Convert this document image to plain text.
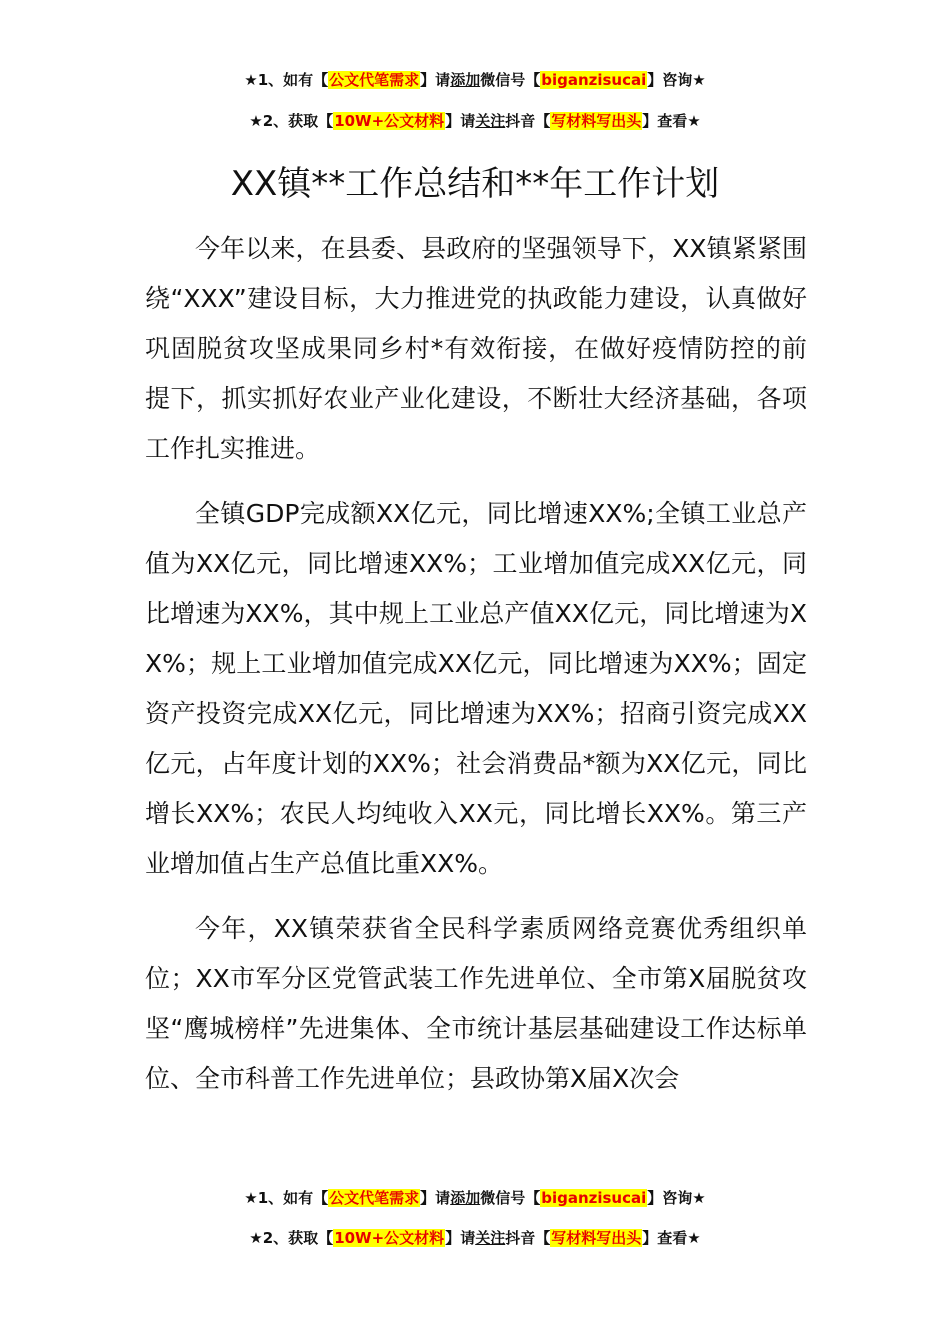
★1、如有【公文代笔需求】请添加微信号【biganzisucai】咨询★
★2、获取【10W+公文材料】请关注抖音【写材料写出头】查看★
XX镇**工作总结和**年工作计划

今年以来，在县委、县政府的坚强领导下，XX镇紧紧围绕“XXX”建设目标，大力推进党的执政能力建设，认真做好巩固脱贫攻坚成果同乡村*有效衔接，在做好疫情防控的前提下，抓实抓好农业产业化建设，不断壮大经济基础，各项工作扎实推进。

全镇GDP完成额XX亿元，同比增速XX%;全镇工业总产值为XX亿元，同比增速XX%；工业增加值完成XX亿元，同比增速为XX%，其中规上工业总产值XX亿元，同比增速为XX%；规上工业增加值完成XX亿元，同比增速为XX%；固定资产投资完成XX亿元，同比增速为XX%；招商引资完成XX亿元，占年度计划的XX%；社会消费品*额为XX亿元，同比增长XX%；农民人均纯收入XX元，同比增长XX%。第三产业增加值占生产总值比重XX%。

今年，XX镇荣获省全民科学素质网络竞赛优秀组织单位；XX市军分区党管武装工作先进单位、全市第X届脱贫攻坚“鹰城榜样”先进集体、全市统计基层基础建设工作达标单位、全市科普工作先进单位；县政协第X届X次会

★1、如有【公文代笔需求】请添加微信号【biganzisucai】咨询★
★2、获取【10W+公文材料】请关注抖音【写材料写出头】查看★
